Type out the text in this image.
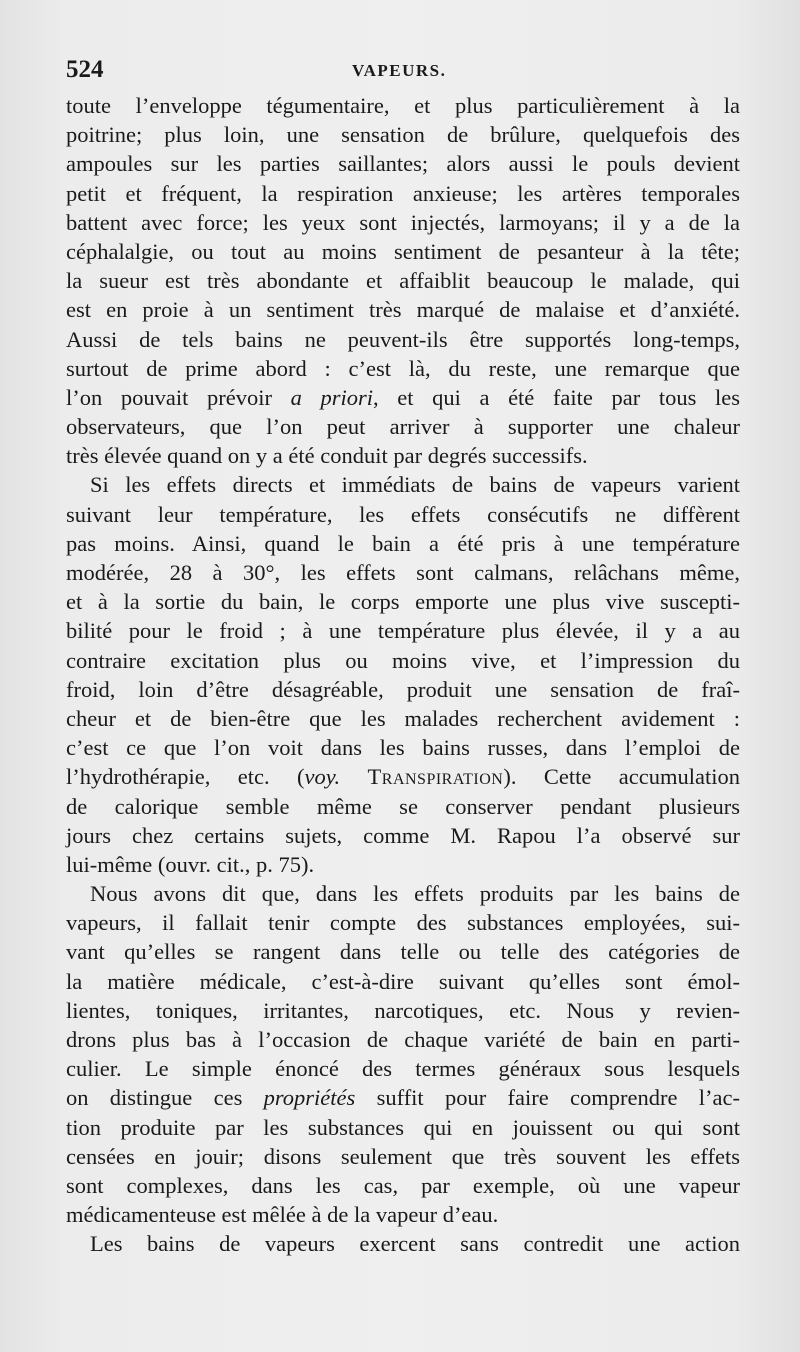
524	VAPEURS.
toute l’enveloppe tégumentaire, et plus particulièrement à la
poitrine; plus loin, une sensation de brûlure, quelquefois des
ampoules sur les parties saillantes; alors aussi le pouls devient
petit et fréquent, la respiration anxieuse; les artères temporales
battent avec force; les yeux sont injectés, larmoyans; il y a de la
céphalalgie, ou tout au moins sentiment de pesanteur à la tête;
la sueur est très abondante et affaiblit beaucoup le malade, qui
est en proie à un sentiment très marqué de malaise et d’anxiété.
Aussi de tels bains ne peuvent-ils être supportés long-temps,
surtout de prime abord : c’est là, du reste, une remarque que
l’on pouvait prévoir a priori, et qui a été faite par tous les
observateurs, que l’on peut arriver à supporter une chaleur
très élevée quand on y a été conduit par degrés successifs.
Si les effets directs et immédiats de bains de vapeurs varient
suivant leur température, les effets consécutifs ne diffèrent
pas moins. Ainsi, quand le bain a été pris à une température
modérée, 28 à 30°, les effets sont calmans, relâchans même,
et à la sortie du bain, le corps emporte une plus vive suscepti-
bilité pour le froid ; à une température plus élevée, il y a au
contraire excitation plus ou moins vive, et l’impression du
froid, loin d’être désagréable, produit une sensation de fraî-
cheur et de bien-être que les malades recherchent avidement :
c’est ce que l’on voit dans les bains russes, dans l’emploi de
l’hydrothérapie, etc. (voy. Transpiration). Cette accumulation
de calorique semble même se conserver pendant plusieurs
jours chez certains sujets, comme M. Rapou l’a observé sur
lui-même (ouvr. cit., p. 75).
Nous avons dit que, dans les effets produits par les bains de
vapeurs, il fallait tenir compte des substances employées, sui-
vant qu’elles se rangent dans telle ou telle des catégories de
la matière médicale, c’est-à-dire suivant qu’elles sont émol-
lientes, toniques, irritantes, narcotiques, etc. Nous y revien-
drons plus bas à l’occasion de chaque variété de bain en parti-
culier. Le simple énoncé des termes généraux sous lesquels
on distingue ces propriétés suffit pour faire comprendre l’ac-
tion produite par les substances qui en jouissent ou qui sont
censées en jouir; disons seulement que très souvent les effets
sont complexes, dans les cas, par exemple, où une vapeur
médicamenteuse est mêlée à de la vapeur d’eau.
Les bains de vapeurs exercent sans contredit une action
